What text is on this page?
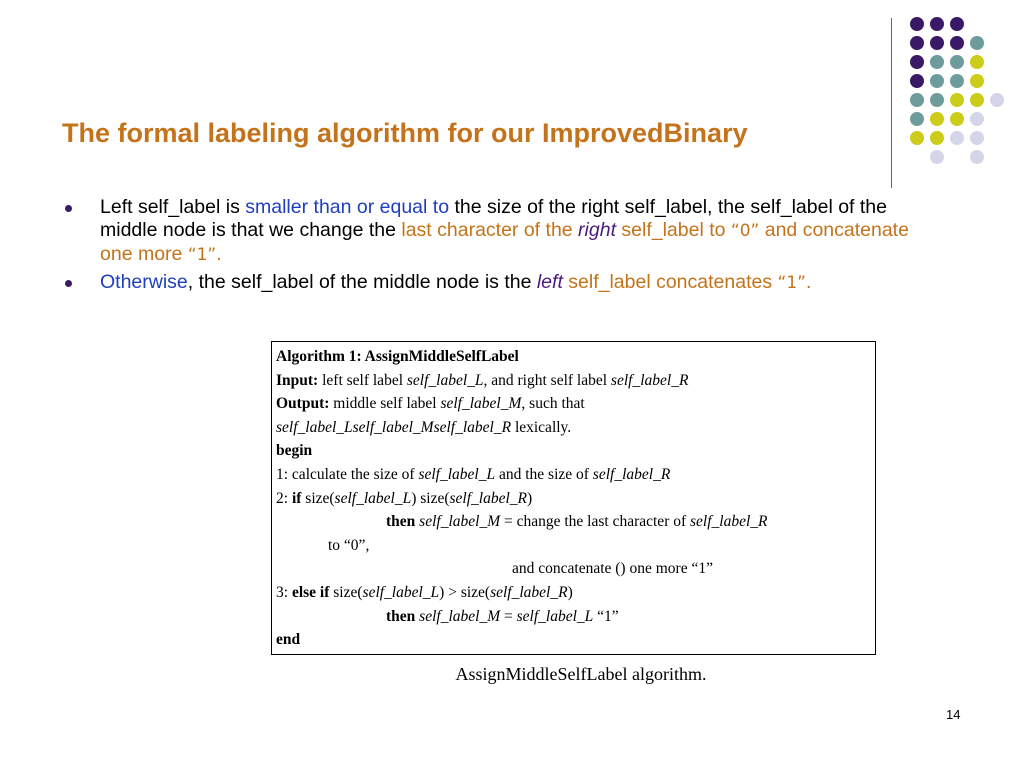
The formal labeling algorithm for our ImprovedBinary
Left self_label is smaller than or equal to the size of the right self_label, the self_label of the middle node is that we change the last character of the right self_label to “0” and concatenate one more “1”.
Otherwise, the self_label of the middle node is the left self_label concatenates “1”.
Algorithm 1: AssignMiddleSelfLabel
Input: left self label self_label_L, and right self label self_label_R
Output: middle self label self_label_M, such that
self_label_Lself_label_Mself_label_R lexically.
begin
1: calculate the size of self_label_L and the size of self_label_R
2: if size(self_label_L) size(self_label_R)
then self_label_M = change the last character of self_label_R
to “0”,
and concatenate () one more “1”
3: else if size(self_label_L) > size(self_label_R)
then self_label_M = self_label_L “1”
end
AssignMiddleSelfLabel algorithm.
14
